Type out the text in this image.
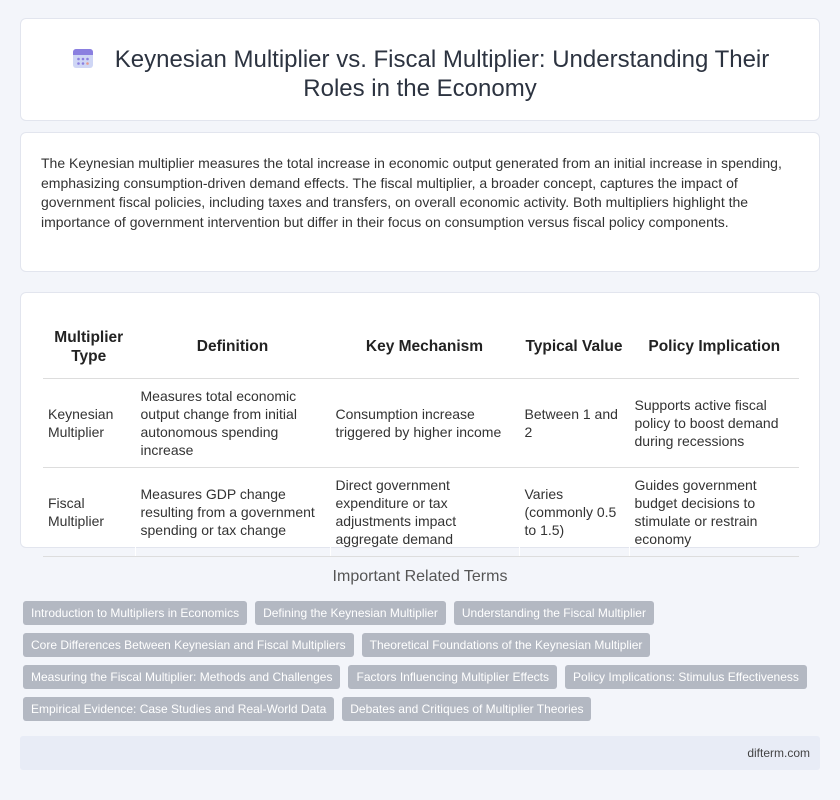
Keynesian Multiplier vs. Fiscal Multiplier: Understanding Their Roles in the Economy

The Keynesian multiplier measures the total increase in economic output generated from an initial increase in spending, emphasizing consumption-driven demand effects. The fiscal multiplier, a broader concept, captures the impact of government fiscal policies, including taxes and transfers, on overall economic activity. Both multipliers highlight the importance of government intervention but differ in their focus on consumption versus fiscal policy components.

Multiplier Type	Definition	Key Mechanism	Typical Value	Policy Implication
Keynesian Multiplier	Measures total economic output change from initial autonomous spending increase	Consumption increase triggered by higher income	Between 1 and 2	Supports active fiscal policy to boost demand during recessions
Fiscal Multiplier	Measures GDP change resulting from a government spending or tax change	Direct government expenditure or tax adjustments impact aggregate demand	Varies (commonly 0.5 to 1.5)	Guides government budget decisions to stimulate or restrain economy
Important Related Terms
Introduction to Multipliers in Economics	Defining the Keynesian Multiplier	Understanding the Fiscal Multiplier
Core Differences Between Keynesian and Fiscal Multipliers	Theoretical Foundations of the Keynesian Multiplier
Measuring the Fiscal Multiplier: Methods and Challenges	Factors Influencing Multiplier Effects	Policy Implications: Stimulus Effectiveness
Empirical Evidence: Case Studies and Real-World Data	Debates and Critiques of Multiplier Theories
difterm.com
